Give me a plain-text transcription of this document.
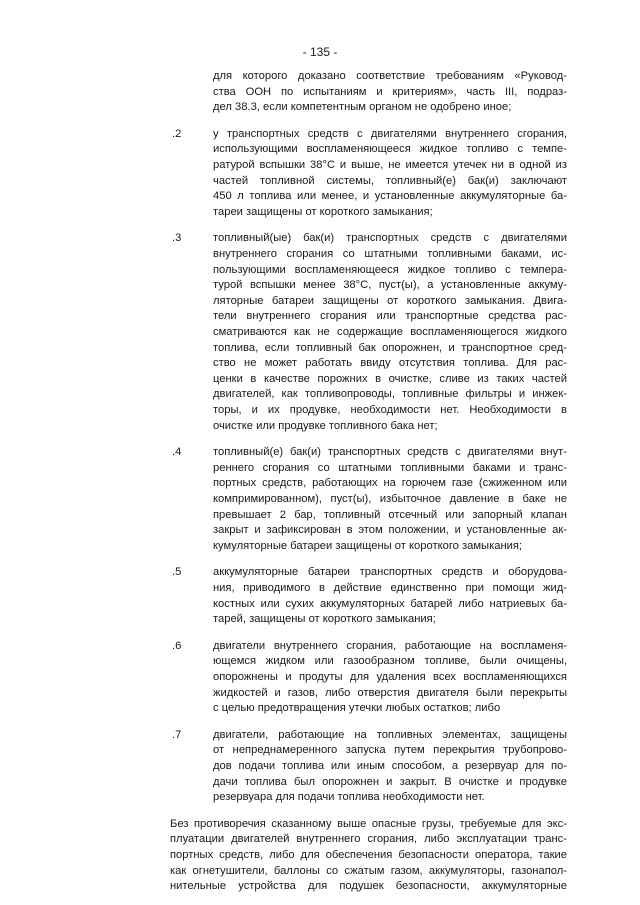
- 135 -

для которого доказано соответствие требованиям «Руковод-

ства ООН по испытаниям и критериям», часть III, подраз-

дел 38.3, если компетентным органом не одобрено иное;

.2	у транспортных средств с двигателями внутреннего сгорания,

использующими воспламеняющееся жидкое топливо с темпе-

ратурой вспышки 38°C и выше, не имеется утечек ни в одной из

частей топливной системы, топливный(е) бак(и) заключают

450 л топлива или менее, и установленные аккумуляторные ба-

тареи защищены от короткого замыкания;

.3	топливный(ые) бак(и) транспортных средств с двигателями

внутреннего сгорания со штатными топливными баками, ис-

пользующими воспламеняющееся жидкое топливо с темпера-

турой вспышки менее 38°C, пуст(ы), а установленные аккуму-

ляторные батареи защищены от короткого замыкания. Двига-

тели внутреннего сгорания или транспортные средства рас-

сматриваются как не содержащие воспламеняющегося жидкого

топлива, если топливный бак опорожнен, и транспортное сред-

ство не может работать ввиду отсутствия топлива. Для рас-

ценки в качестве порожних в очистке, сливе из таких частей

двигателей, как топливопроводы, топливные фильтры и инжек-

торы, и их продувке, необходимости нет. Необходимости в

очистке или продувке топливного бака нет;

.4	топливный(е) бак(и) транспортных средств с двигателями внут-

реннего сгорания со штатными топливными баками и транс-

портных средств, работающих на горючем газе (сжиженном или

компримированном), пуст(ы), избыточное давление в баке не

превышает 2 бар, топливный отсечный или запорный клапан

закрыт и зафиксирован в этом положении, и установленные ак-

кумуляторные батареи защищены от короткого замыкания;

.5	аккумуляторные батареи транспортных средств и оборудова-

ния, приводимого в действие единственно при помощи жид-

костных или сухих аккумуляторных батарей либо натриевых ба-

тарей, защищены от короткого замыкания;

.6	двигатели внутреннего сгорания, работающие на воспламеня-

ющемся жидком или газообразном топливе, были очищены,

опорожнены и продуты для удаления всех воспламеняющихся

жидкостей и газов, либо отверстия двигателя были перекрыты

с целью предотвращения утечки любых остатков; либо

.7	двигатели, работающие на топливных элементах, защищены

от непреднамеренного запуска путем перекрытия трубопрово-

дов подачи топлива или иным способом, а резервуар для по-

дачи топлива был опорожнен и закрыт. В очистке и продувке

резервуара для подачи топлива необходимости нет.

Без противоречия сказанному выше опасные грузы, требуемые для экс-

плуатации двигателей внутреннего сгорания, либо эксплуатации транс-

портных средств, либо для обеспечения безопасности оператора, такие

как огнетушители, баллоны со сжатым газом, аккумуляторы, газонапол-

нительные устройства для подушек безопасности, аккумуляторные
